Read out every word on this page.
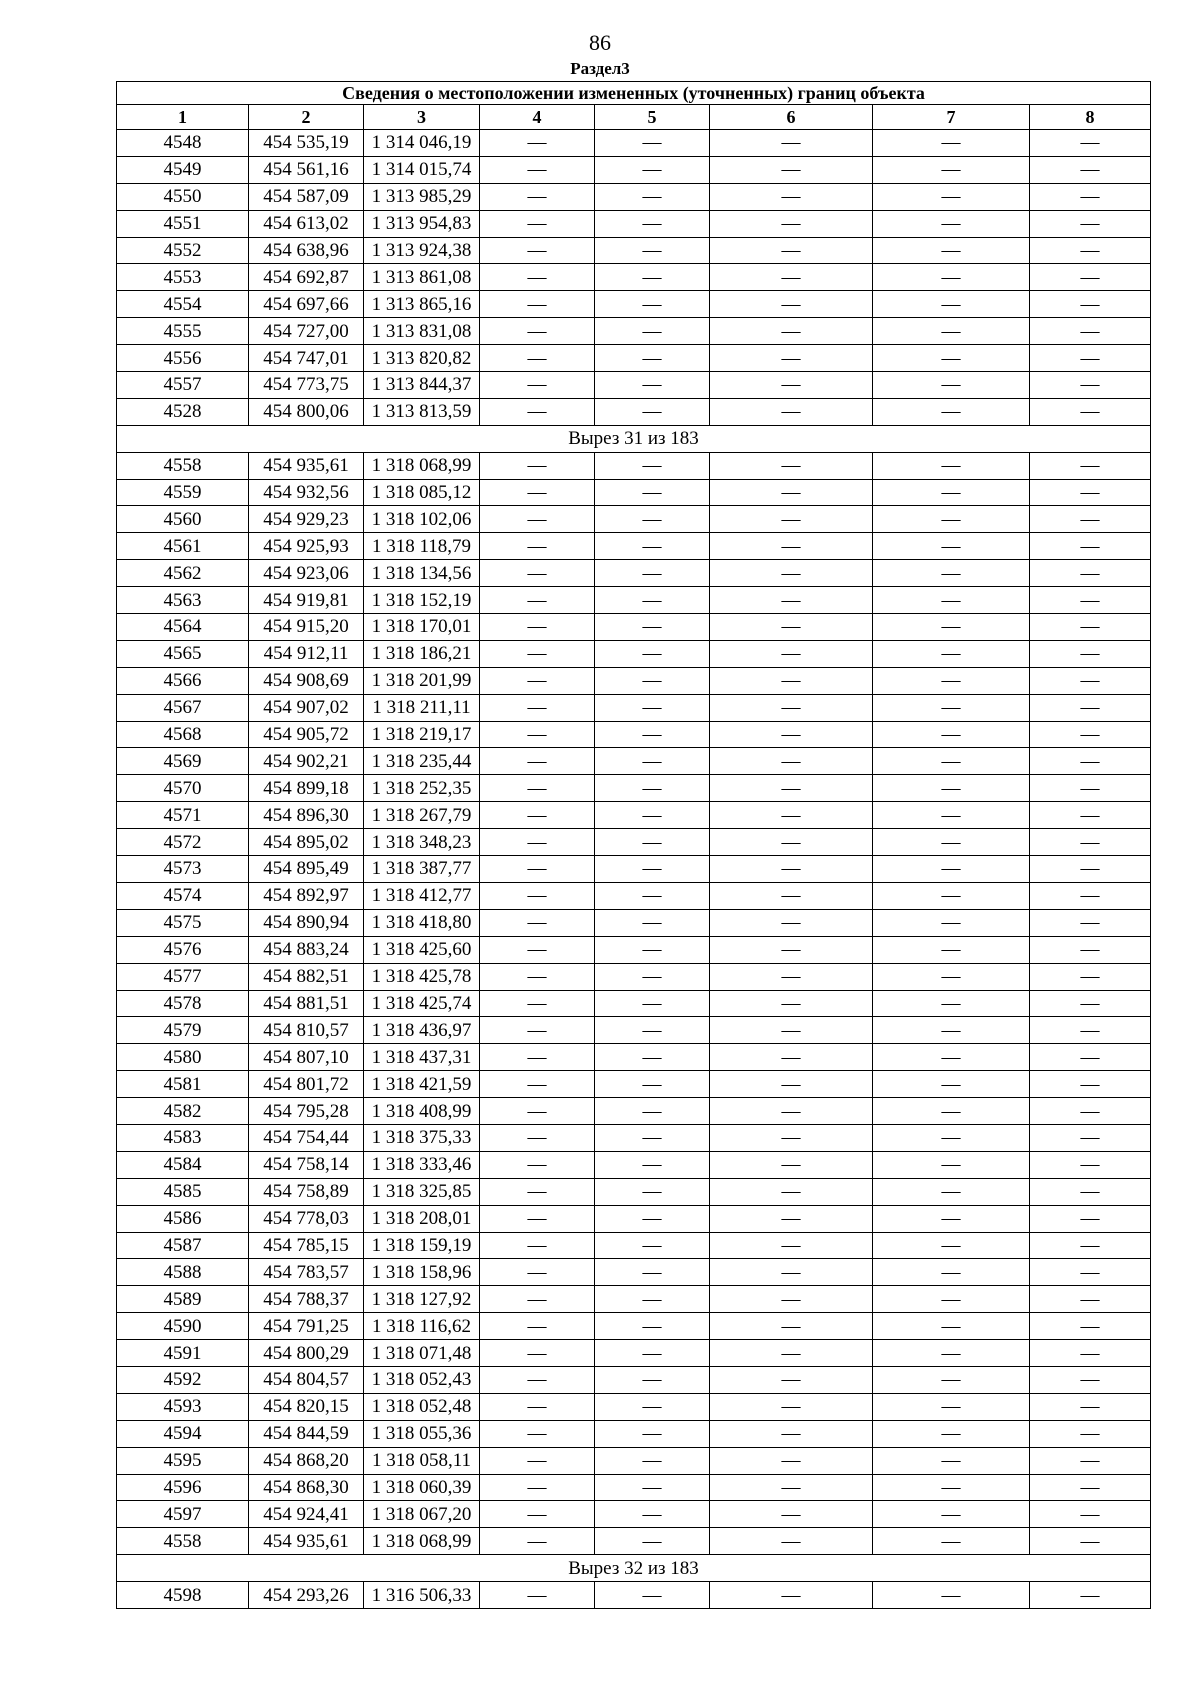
86
Раздел3
Сведения о местоположении измененных (уточненных) границ объекта							
1	2	3	4	5	6	7	8
4548	454 535,19	1 314 046,19	—	—	—	—	—
4549	454 561,16	1 314 015,74	—	—	—	—	—
4550	454 587,09	1 313 985,29	—	—	—	—	—
4551	454 613,02	1 313 954,83	—	—	—	—	—
4552	454 638,96	1 313 924,38	—	—	—	—	—
4553	454 692,87	1 313 861,08	—	—	—	—	—
4554	454 697,66	1 313 865,16	—	—	—	—	—
4555	454 727,00	1 313 831,08	—	—	—	—	—
4556	454 747,01	1 313 820,82	—	—	—	—	—
4557	454 773,75	1 313 844,37	—	—	—	—	—
4528	454 800,06	1 313 813,59	—	—	—	—	—
Вырез 31 из 183							
4558	454 935,61	1 318 068,99	—	—	—	—	—
4559	454 932,56	1 318 085,12	—	—	—	—	—
4560	454 929,23	1 318 102,06	—	—	—	—	—
4561	454 925,93	1 318 118,79	—	—	—	—	—
4562	454 923,06	1 318 134,56	—	—	—	—	—
4563	454 919,81	1 318 152,19	—	—	—	—	—
4564	454 915,20	1 318 170,01	—	—	—	—	—
4565	454 912,11	1 318 186,21	—	—	—	—	—
4566	454 908,69	1 318 201,99	—	—	—	—	—
4567	454 907,02	1 318 211,11	—	—	—	—	—
4568	454 905,72	1 318 219,17	—	—	—	—	—
4569	454 902,21	1 318 235,44	—	—	—	—	—
4570	454 899,18	1 318 252,35	—	—	—	—	—
4571	454 896,30	1 318 267,79	—	—	—	—	—
4572	454 895,02	1 318 348,23	—	—	—	—	—
4573	454 895,49	1 318 387,77	—	—	—	—	—
4574	454 892,97	1 318 412,77	—	—	—	—	—
4575	454 890,94	1 318 418,80	—	—	—	—	—
4576	454 883,24	1 318 425,60	—	—	—	—	—
4577	454 882,51	1 318 425,78	—	—	—	—	—
4578	454 881,51	1 318 425,74	—	—	—	—	—
4579	454 810,57	1 318 436,97	—	—	—	—	—
4580	454 807,10	1 318 437,31	—	—	—	—	—
4581	454 801,72	1 318 421,59	—	—	—	—	—
4582	454 795,28	1 318 408,99	—	—	—	—	—
4583	454 754,44	1 318 375,33	—	—	—	—	—
4584	454 758,14	1 318 333,46	—	—	—	—	—
4585	454 758,89	1 318 325,85	—	—	—	—	—
4586	454 778,03	1 318 208,01	—	—	—	—	—
4587	454 785,15	1 318 159,19	—	—	—	—	—
4588	454 783,57	1 318 158,96	—	—	—	—	—
4589	454 788,37	1 318 127,92	—	—	—	—	—
4590	454 791,25	1 318 116,62	—	—	—	—	—
4591	454 800,29	1 318 071,48	—	—	—	—	—
4592	454 804,57	1 318 052,43	—	—	—	—	—
4593	454 820,15	1 318 052,48	—	—	—	—	—
4594	454 844,59	1 318 055,36	—	—	—	—	—
4595	454 868,20	1 318 058,11	—	—	—	—	—
4596	454 868,30	1 318 060,39	—	—	—	—	—
4597	454 924,41	1 318 067,20	—	—	—	—	—
4558	454 935,61	1 318 068,99	—	—	—	—	—
Вырез 32 из 183							
4598	454 293,26	1 316 506,33	—	—	—	—	—
